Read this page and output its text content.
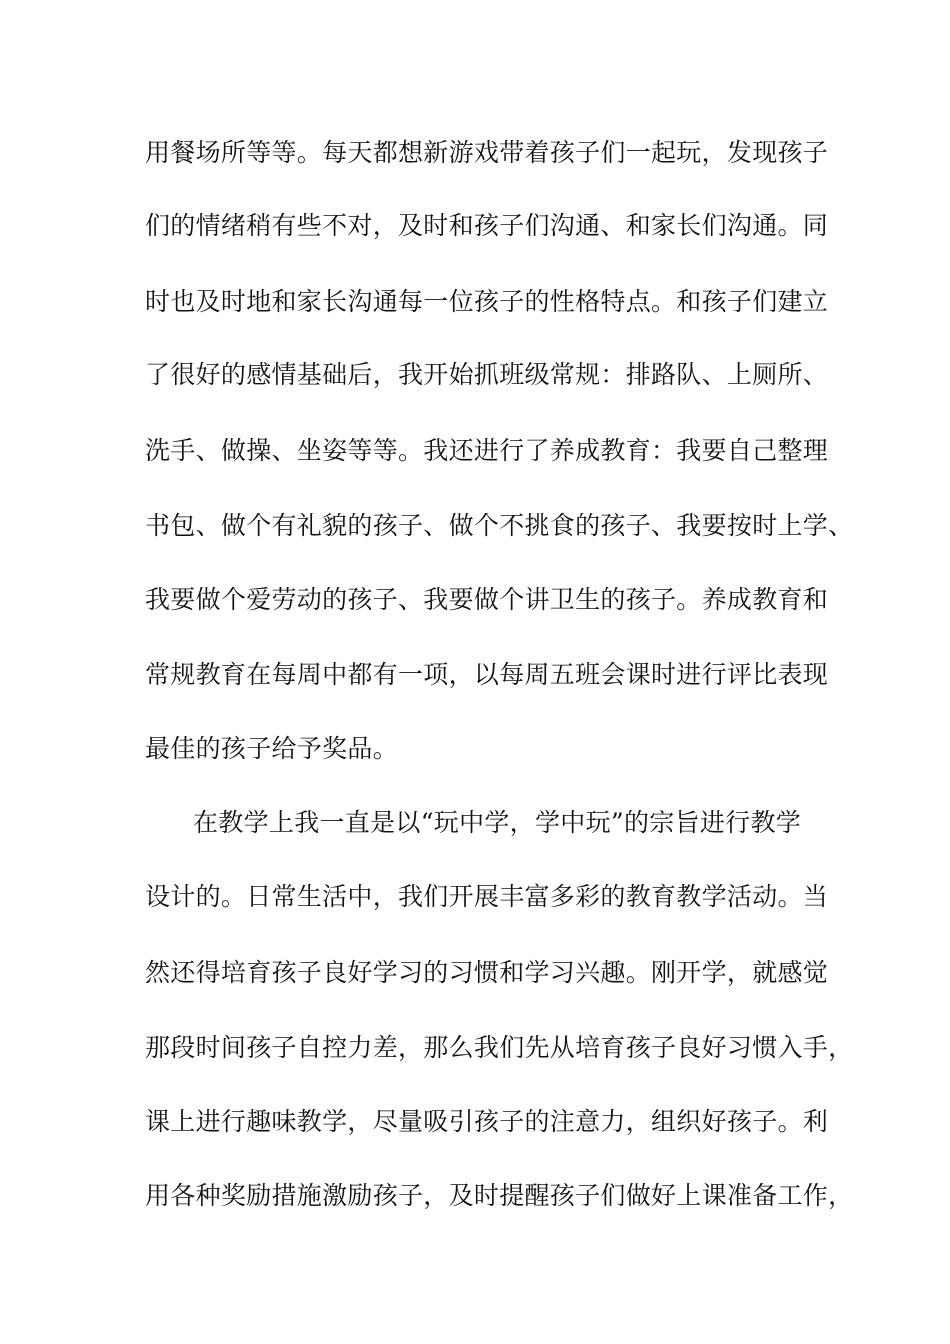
用餐场所等等。每天都想新游戏带着孩子们一起玩，发现孩子
们的情绪稍有些不对，及时和孩子们沟通、和家长们沟通。同
时也及时地和家长沟通每一位孩子的性格特点。和孩子们建立
了很好的感情基础后，我开始抓班级常规：排路队、上厕所、
洗手、做操、坐姿等等。我还进行了养成教育：我要自己整理
书包、做个有礼貌的孩子、做个不挑食的孩子、我要按时上学、
我要做个爱劳动的孩子、我要做个讲卫生的孩子。养成教育和
常规教育在每周中都有一项，以每周五班会课时进行评比表现
最佳的孩子给予奖品。
在教学上我一直是以“玩中学，学中玩”的宗旨进行教学
设计的。日常生活中，我们开展丰富多彩的教育教学活动。当
然还得培育孩子良好学习的习惯和学习兴趣。刚开学，就感觉
那段时间孩子自控力差，那么我们先从培育孩子良好习惯入手，
课上进行趣味教学，尽量吸引孩子的注意力，组织好孩子。利
用各种奖励措施激励孩子，及时提醒孩子们做好上课准备工作，
